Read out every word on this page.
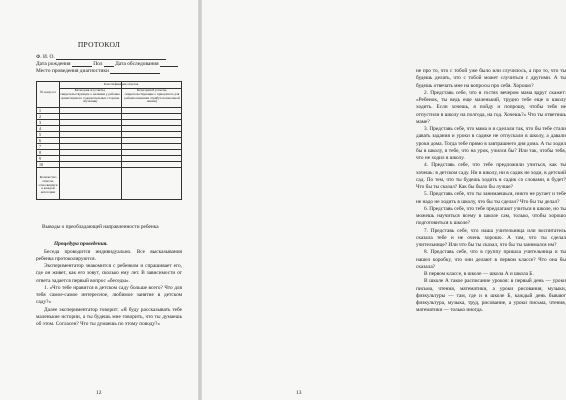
ПРОТОКОЛ
Ф. И. О.
Дата рождения	Пол Дата обследования
Место проведения диагностики
№ вопроса
Классификация ответов
Категория А (ответы, свидетельствующие о наличии у ребенка ориентации на содержательные стороны обучения)
Категория Б (ответы, свидетельствующие о приоритете для ребенка внешних атрибутов школьной жизни)
1
2
3
4
5
6
7
8
9
10
Количество ответов, относящихся к каждой категории

Выводы о преобладающей направленности ребенка

Процедура проведения.

Беседа проводится индивидуально. Все высказывания ребенка протоколируются.

Экспериментатор знакомится с ребенком и спрашивает его, где он живет, как его зовут, сколько ему лет. В зависимости от ответа задается первый вопрос «беседы».

1. «Что тебе нравится в детском саду больше всего? Что для тебя самое-самое интересное, любимое занятие в детском саду?»

Далее экспериментатор говорит: «Я буду рассказывать тебе маленькие истории, а ты будешь мне говорить, что ты думаешь об этом. Согласен? Что ты думаешь по этому поводу?»

12

не про то, что с тобой уже было или случилось, а про то, что ты будешь делать, что с тобой может случиться с другими. А ты будешь отвечать мне на вопросы про себя. Хорошо?

2. Представь себе, что в гостях вечером мама вдруг скажет: «Ребенок, ты ведь еще маленький, трудно тебе еще в школу ходить. Если хочешь, я пойду и попрошу, чтобы тебя не отпустили в школу на полгода, на год. Хочешь?» Что ты ответишь маме?

3. Представь себе, что мама и я сделали так, что бы тебе стали давать задания и уроки в садике не отпускали в школу, а давали уроки дома. Тогда тебе прямо в завтрашнего дня дома. А ты ходил бы в школу, я тебе, что на урок, учился бы? Или так, чтобы тебя, что не ходил в школу.

4. Представь себе, что тебе предложили учиться, как ты хочешь: в детском саду. Ни в школу, ни в садик не ходи, в детский сад. По тем, что ты будешь ходить в садик со словами, в будет? Что бы ты сказал? Как бы было бы лучше?

5. Представь себе, что ты занимаешься, никто не ругает и тебе не надо не ходить в школу, что бы ты сделал? Что бы ты делал?

6. Представь себе, что тебе предлагают учиться в школе, но ты можешь научиться всему в школе сам, только, чтобы хорошо подготовиться к школе?

7. Представь себе, что наша учительница или воспитатель сказала тебе и не очень хорошо. А там, что ты сделал учительнице? Или что бы ты сказал, что бы ты занимался им?

8. Представь себе, что в группу пришла учительница и ты нашел коробку, что они делают в первом классе? Что она бы сказала?

В первом классе, в школе — школа А и школа Б.

В школе А такое расписание уроков: в первый день — уроки письма, чтения, математики, а уроки рисования, музыки, физкультуры — там, где и в школе Б, каждый день бывают физкультура, музыка, труд, рисование, а уроки письма, чтения, математики — только иногда.

13
